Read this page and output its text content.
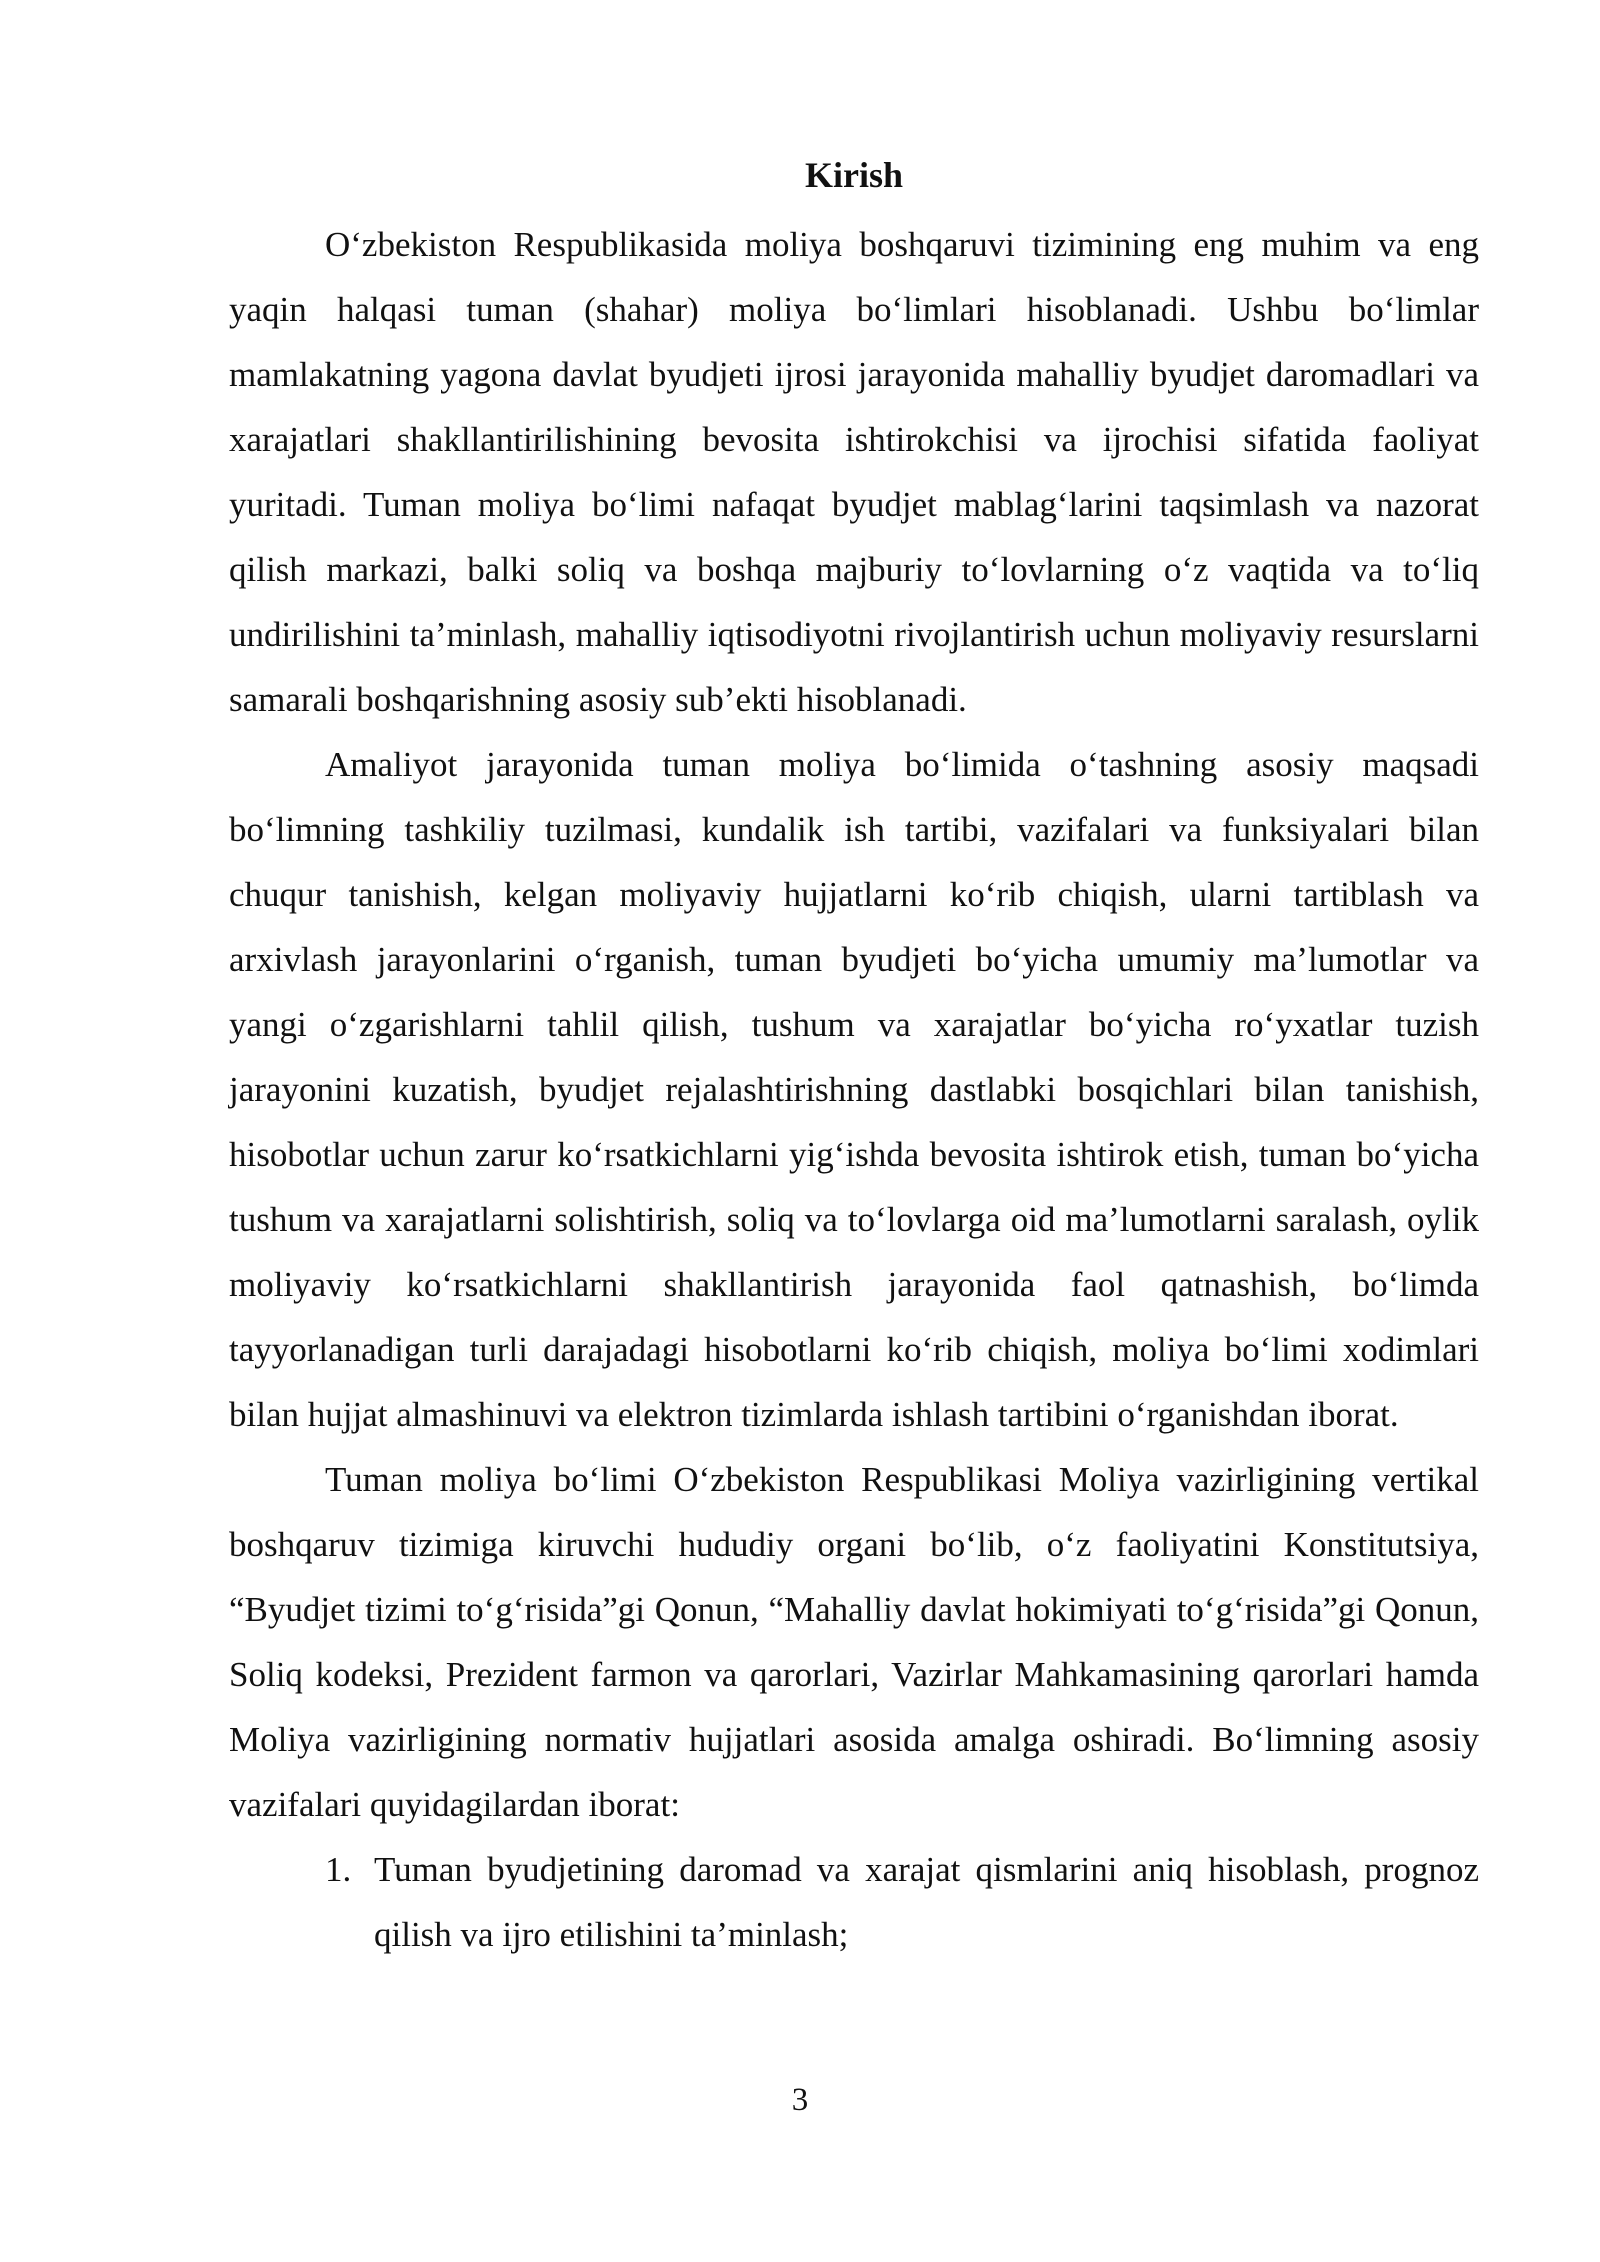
Kirish

O‘zbekiston Respublikasida moliya boshqaruvi tizimining eng muhim va eng yaqin halqasi tuman (shahar) moliya bo‘limlari hisoblanadi. Ushbu bo‘limlar mamlakatning yagona davlat byudjeti ijrosi jarayonida mahalliy byudjet daromadlari va xarajatlari shakllantirilishining bevosita ishtirokchisi va ijrochisi sifatida faoliyat yuritadi. Tuman moliya bo‘limi nafaqat byudjet mablag‘larini taqsimlash va nazorat qilish markazi, balki soliq va boshqa majburiy to‘lovlarning o‘z vaqtida va to‘liq undirilishini ta’minlash, mahalliy iqtisodiyotni rivojlantirish uchun moliyaviy resurslarni samarali boshqarishning asosiy sub’ekti hisoblanadi.

Amaliyot jarayonida tuman moliya bo‘limida o‘tashning asosiy maqsadi bo‘limning tashkiliy tuzilmasi, kundalik ish tartibi, vazifalari va funksiyalari bilan chuqur tanishish, kelgan moliyaviy hujjatlarni ko‘rib chiqish, ularni tartiblash va arxivlash jarayonlarini o‘rganish, tuman byudjeti bo‘yicha umumiy ma’lumotlar va yangi o‘zgarishlarni tahlil qilish, tushum va xarajatlar bo‘yicha ro‘yxatlar tuzish jarayonini kuzatish, byudjet rejalashtirishning dastlabki bosqichlari bilan tanishish, hisobotlar uchun zarur ko‘rsatkichlarni yig‘ishda bevosita ishtirok etish, tuman bo‘yicha tushum va xarajatlarni solishtirish, soliq va to‘lovlarga oid ma’lumotlarni saralash, oylik moliyaviy ko‘rsatkichlarni shakllantirish jarayonida faol qatnashish, bo‘limda tayyorlanadigan turli darajadagi hisobotlarni ko‘rib chiqish, moliya bo‘limi xodimlari bilan hujjat almashinuvi va elektron tizimlarda ishlash tartibini o‘rganishdan iborat.

Tuman moliya bo‘limi O‘zbekiston Respublikasi Moliya vazirligining vertikal boshqaruv tizimiga kiruvchi hududiy organi bo‘lib, o‘z faoliyatini Konstitutsiya, “Byudjet tizimi to‘g‘risida”gi Qonun, “Mahalliy davlat hokimiyati to‘g‘risida”gi Qonun, Soliq kodeksi, Prezident farmon va qarorlari, Vazirlar Mahkamasining qarorlari hamda Moliya vazirligining normativ hujjatlari asosida amalga oshiradi. Bo‘limning asosiy vazifalari quyidagilardan iborat:

1. Tuman byudjetining daromad va xarajat qismlarini aniq hisoblash, prognoz qilish va ijro etilishini ta’minlash;
3
